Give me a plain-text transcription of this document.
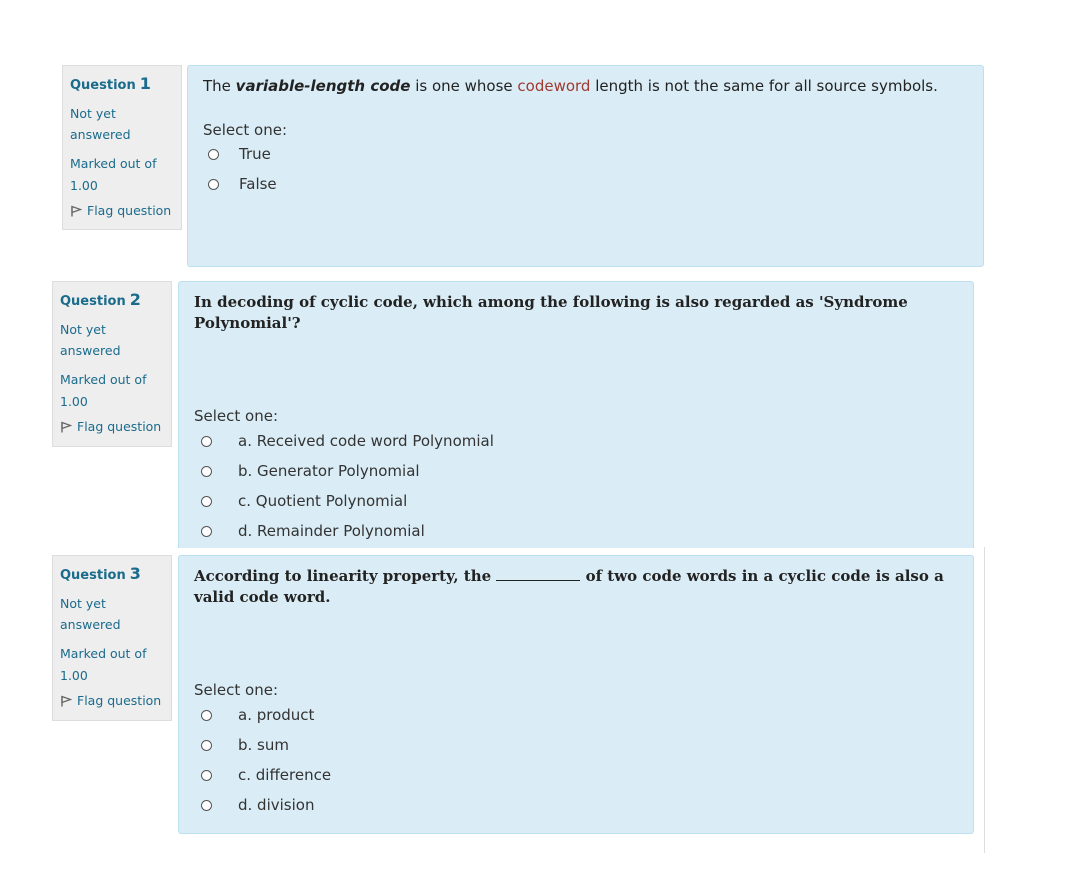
Question 1
Not yet answered
Marked out of 1.00
Flag question
The variable-length code is one whose codeword length is not the same for all source symbols.
Select one:
True
False
Question 2
Not yet answered
Marked out of 1.00
Flag question
In decoding of cyclic code, which among the following is also regarded as 'Syndrome Polynomial'?
Select one:
a. Received code word Polynomial
b. Generator Polynomial
c. Quotient Polynomial
d. Remainder Polynomial
Question 3
Not yet answered
Marked out of 1.00
Flag question
According to linearity property, the	of two code words in a cyclic code is also a valid code word.
Select one:
a. product
b. sum
c. difference
d. division
